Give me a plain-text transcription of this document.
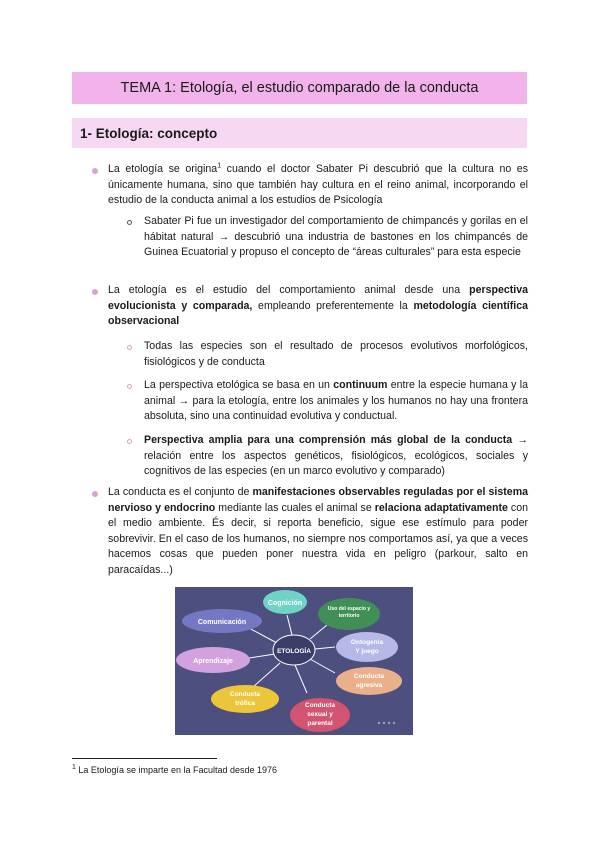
TEMA 1: Etología, el estudio comparado de la conducta
1- Etología: concepto
La etología se origina$^1$ cuando el doctor Sabater Pi descubrió que la cultura no es únicamente humana, sino que también hay cultura en el reino animal, incorporando el estudio de la conducta animal a los estudios de Psicología
Sabater Pi fue un investigador del comportamiento de chimpancés y gorilas en el hábitat natural → descubrió una industria de bastones en los chimpancés de Guinea Ecuatorial y propuso el concepto de “áreas culturales” para esta especie
La etología es el estudio del comportamiento animal desde una perspectiva evolucionista y comparada, empleando preferentemente la metodología científica observacional
Todas las especies son el resultado de procesos evolutivos morfológicos, fisiológicos y de conducta
La perspectiva etológica se basa en un continuum entre la especie humana y la animal → para la etología, entre los animales y los humanos no hay una frontera absoluta, sino una continuidad evolutiva y conductual.
Perspectiva amplia para una comprensión más global de la conducta → relación entre los aspectos genéticos, fisiológicos, ecológicos, sociales y cognitivos de las especies (en un marco evolutivo y comparado)
La conducta es el conjunto de manifestaciones observables reguladas por el sistema nervioso y endocrino mediante las cuales el animal se relaciona adaptativamente con el medio ambiente. És decir, si reporta beneficio, sigue ese estímulo para poder sobrevivir. En el caso de los humanos, no siempre nos comportamos así, ya que a veces hacemos cosas que pueden poner nuestra vida en peligro (parkour, salto en paracaídas...)
ETOLOGÍA
Cognición
Uso del espacio y
territorio
Ontogenia
Y juego
Conducta
agresiva
Conducta
sexual y
parental
Conducta
trófica
Aprendizaje
Comunicación
$^1$ La Etología se imparte en la Facultad desde 1976
